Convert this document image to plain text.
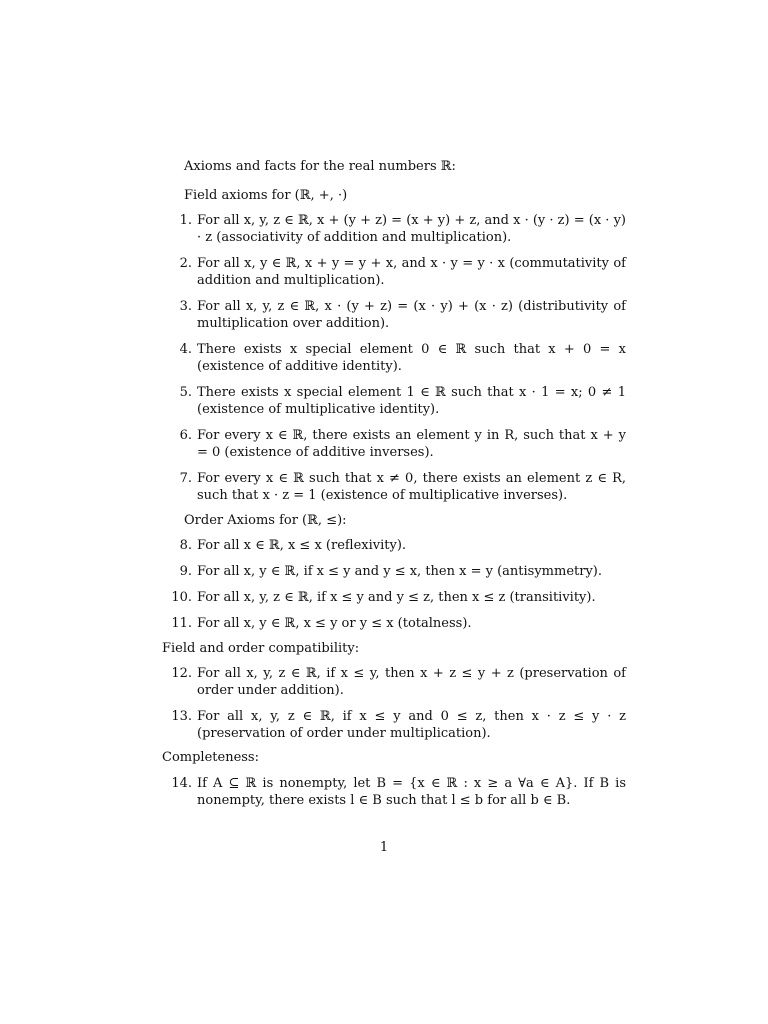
Axioms and facts for the real numbers ℝ:
Field axioms for (ℝ, +, ·)
1. For all x, y, z ∈ ℝ, x + (y + z) = (x + y) + z, and x · (y · z) = (x · y) · z (associativity of addition and multiplication).
2. For all x, y ∈ ℝ, x + y = y + x, and x · y = y · x (commutativity of addition and multiplication).
3. For all x, y, z ∈ ℝ, x · (y + z) = (x · y) + (x · z) (distributivity of multiplication over addition).
4. There exists x special element 0 ∈ ℝ such that x + 0 = x (existence of additive identity).
5. There exists x special element 1 ∈ ℝ such that x · 1 = x; 0 ≠ 1 (existence of multiplicative identity).
6. For every x ∈ ℝ, there exists an element y in R, such that x + y = 0 (existence of additive inverses).
7. For every x ∈ ℝ such that x ≠ 0, there exists an element z ∈ R, such that x · z = 1 (existence of multiplicative inverses).
Order Axioms for (ℝ, ≤):
8. For all x ∈ ℝ, x ≤ x (reflexivity).
9. For all x, y ∈ ℝ, if x ≤ y and y ≤ x, then x = y (antisymmetry).
10. For all x, y, z ∈ ℝ, if x ≤ y and y ≤ z, then x ≤ z (transitivity).
11. For all x, y ∈ ℝ, x ≤ y or y ≤ x (totalness).
Field and order compatibility:
12. For all x, y, z ∈ ℝ, if x ≤ y, then x + z ≤ y + z (preservation of order under addition).
13. For all x, y, z ∈ ℝ, if x ≤ y and 0 ≤ z, then x · z ≤ y · z (preservation of order under multiplication).
Completeness:
14. If A ⊆ ℝ is nonempty, let B = {x ∈ ℝ : x ≥ a ∀a ∈ A}. If B is nonempty, there exists l ∈ B such that l ≤ b for all b ∈ B.
1
